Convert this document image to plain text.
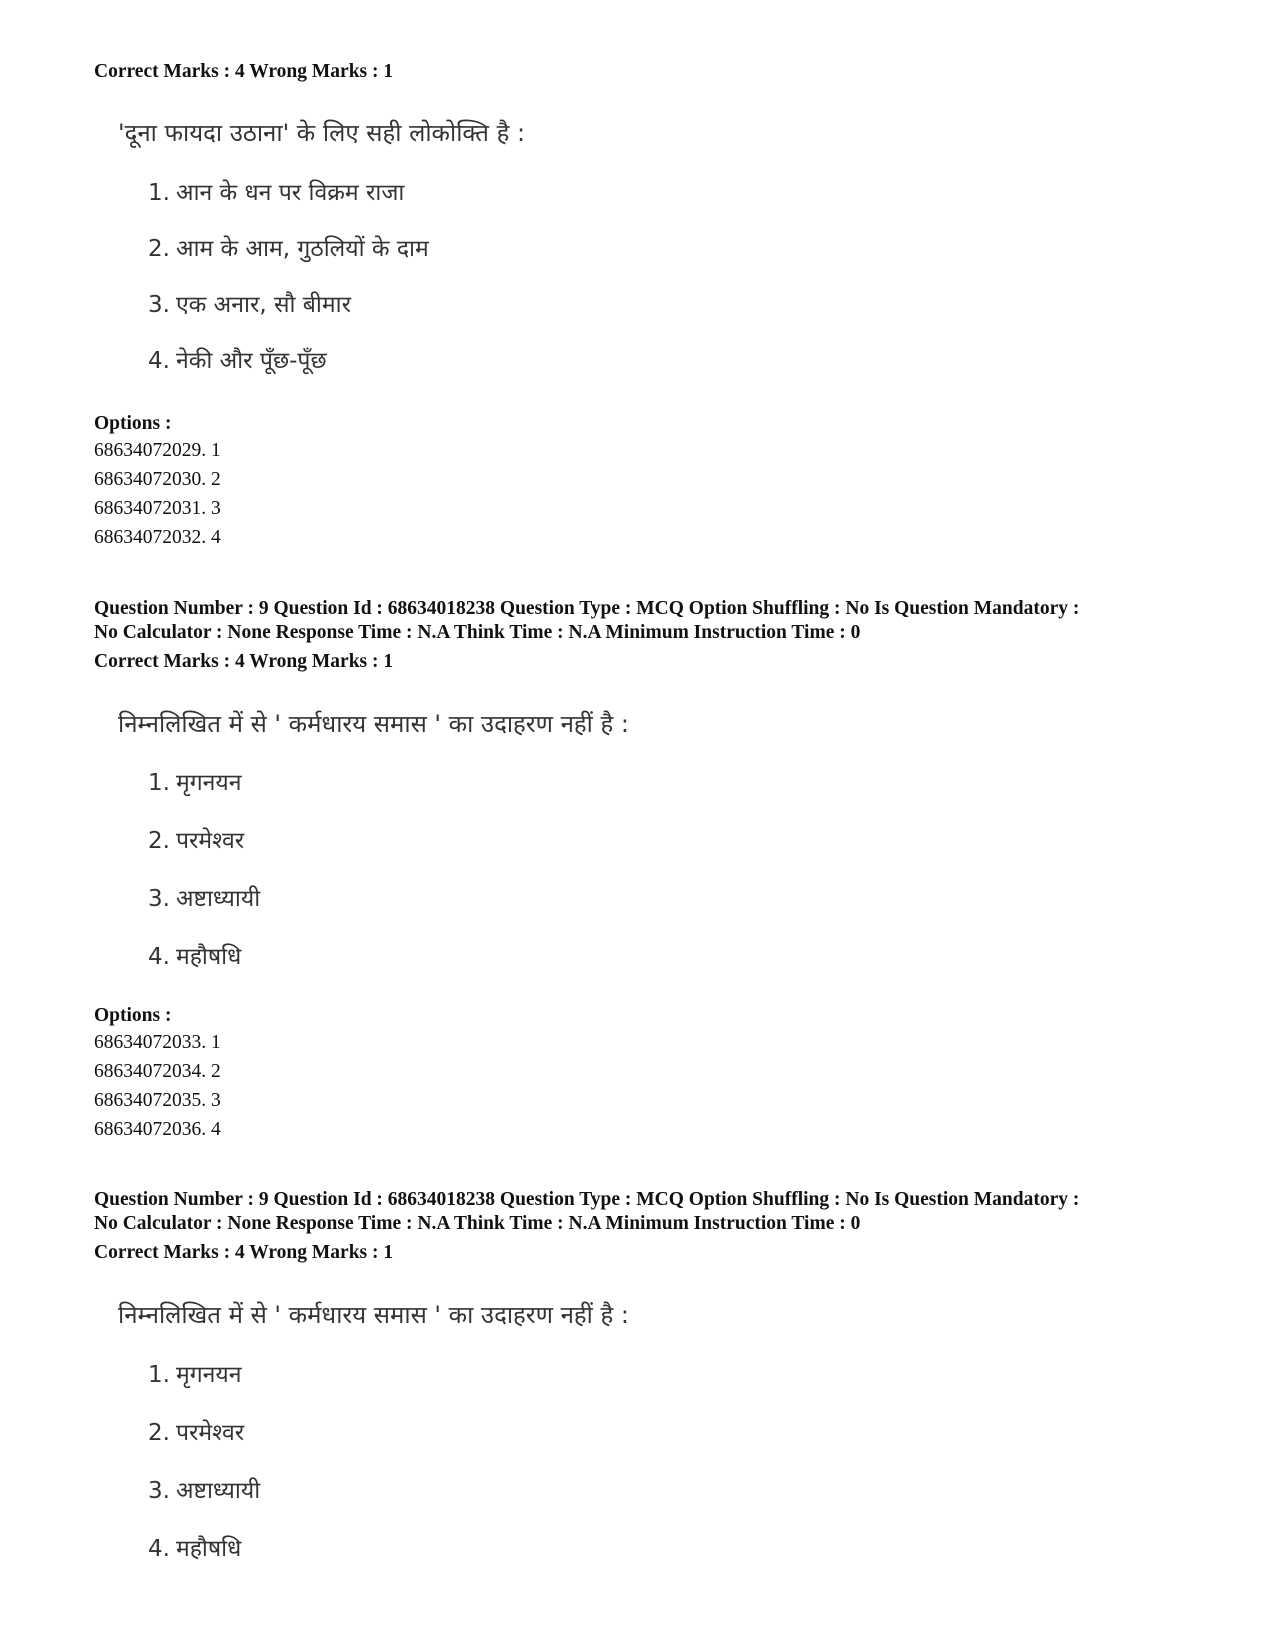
Correct Marks : 4 Wrong Marks : 1
'दूना फायदा उठाना' के लिए सही लोकोक्ति है :
1. आन के धन पर विक्रम राजा
2. आम के आम, गुठलियों के दाम
3. एक अनार, सौ बीमार
4. नेकी और पूँछ-पूँछ
Options :
68634072029. 1
68634072030. 2
68634072031. 3
68634072032. 4
Question Number : 9 Question Id : 68634018238 Question Type : MCQ Option Shuffling : No Is Question Mandatory :
No Calculator : None Response Time : N.A Think Time : N.A Minimum Instruction Time : 0
Correct Marks : 4 Wrong Marks : 1
निम्नलिखित में से ' कर्मधारय समास ' का उदाहरण नहीं है :
1. मृगनयन
2. परमेश्वर
3. अष्टाध्यायी
4. महौषधि
Options :
68634072033. 1
68634072034. 2
68634072035. 3
68634072036. 4
Question Number : 9 Question Id : 68634018238 Question Type : MCQ Option Shuffling : No Is Question Mandatory :
No Calculator : None Response Time : N.A Think Time : N.A Minimum Instruction Time : 0
Correct Marks : 4 Wrong Marks : 1
निम्नलिखित में से ' कर्मधारय समास ' का उदाहरण नहीं है :
1. मृगनयन
2. परमेश्वर
3. अष्टाध्यायी
4. महौषधि
